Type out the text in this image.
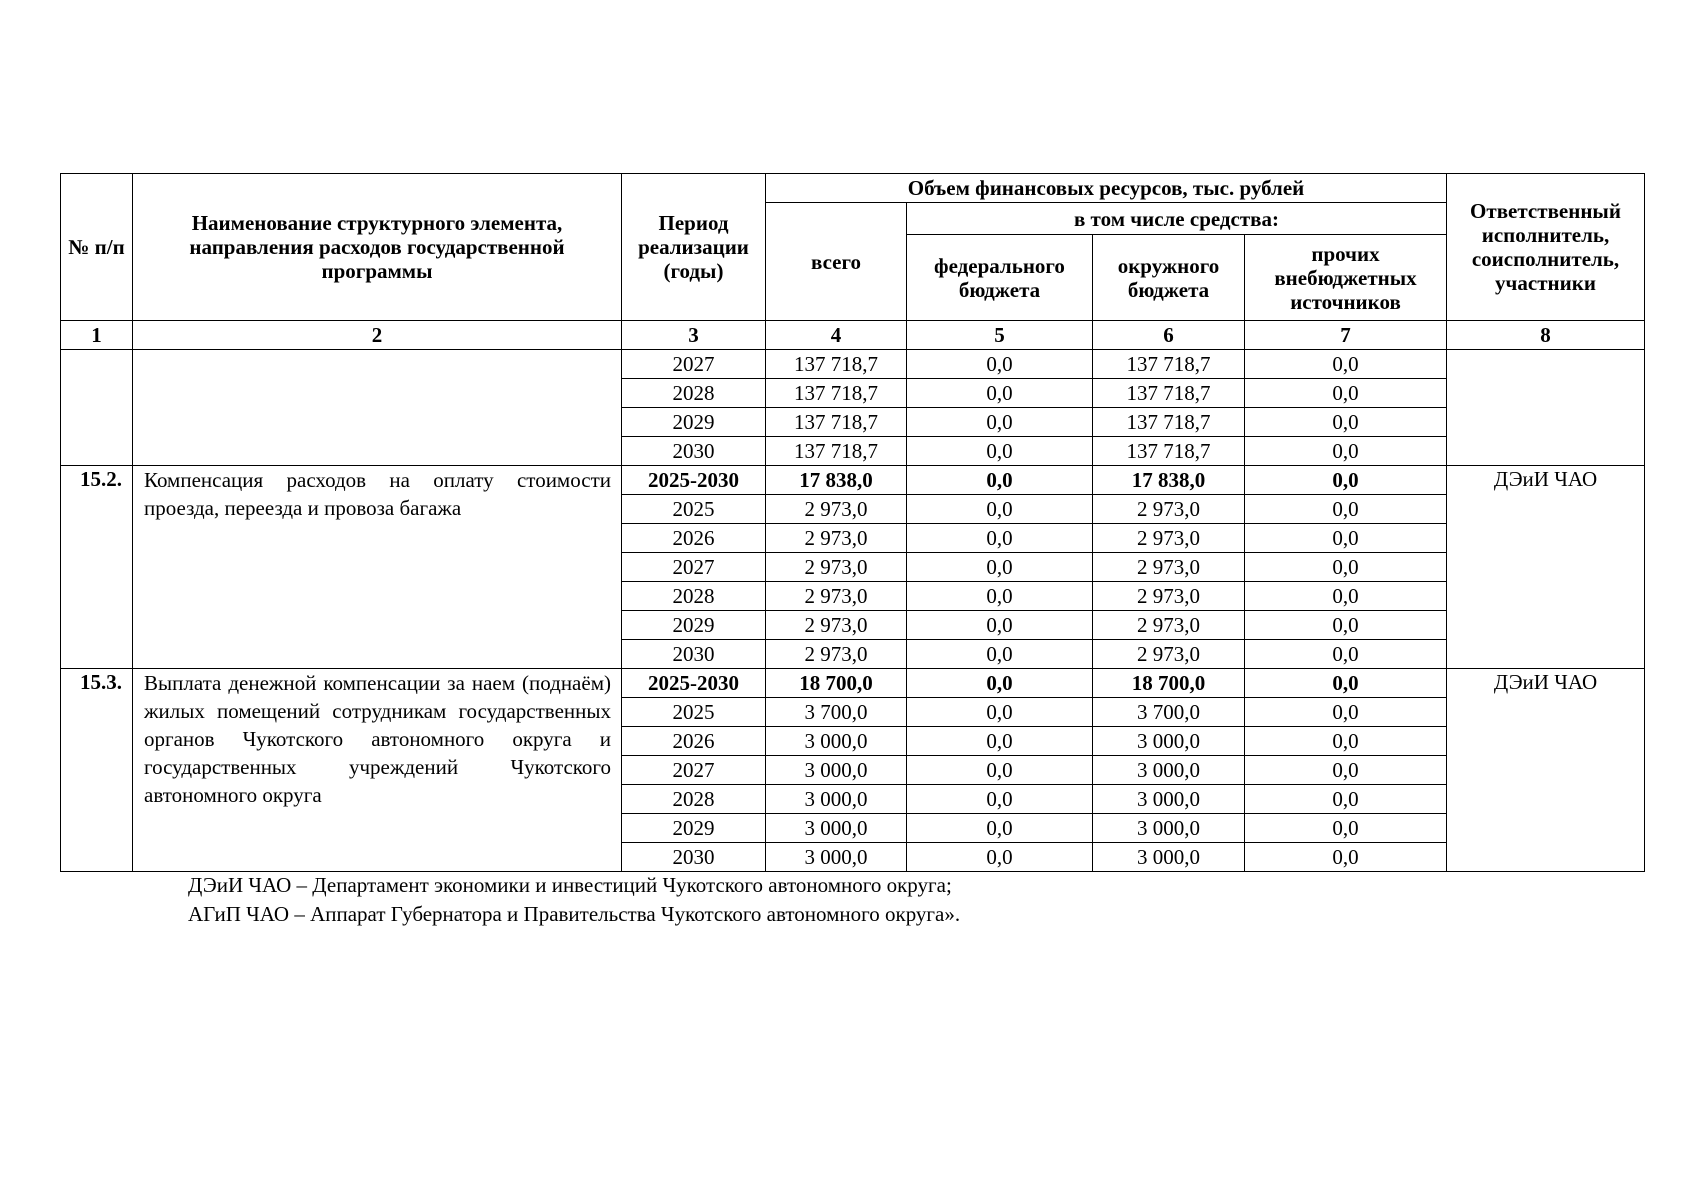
№ п/п	Наименование структурного элемента, направления расходов государственной программы	Период реализации (годы)	Объем финансовых ресурсов, тыс. рублей				Ответственный исполнитель, соисполнитель, участники
			всего	в том числе средства:			
				федерального бюджета	окружного бюджета	прочих внебюджетных источников	
1	2	3	4	5	6	7	8
		2027	137 718,7	0,0	137 718,7	0,0	
		2028	137 718,7	0,0	137 718,7	0,0	
		2029	137 718,7	0,0	137 718,7	0,0	
		2030	137 718,7	0,0	137 718,7	0,0	
15.2.	Компенсация расходов на оплату стоимости проезда, переезда и провоза багажа	2025-2030	17 838,0	0,0	17 838,0	0,0	ДЭиИ ЧАО
		2025	2 973,0	0,0	2 973,0	0,0	
		2026	2 973,0	0,0	2 973,0	0,0	
		2027	2 973,0	0,0	2 973,0	0,0	
		2028	2 973,0	0,0	2 973,0	0,0	
		2029	2 973,0	0,0	2 973,0	0,0	
		2030	2 973,0	0,0	2 973,0	0,0	
15.3.	Выплата денежной компенсации за наем (поднаём) жилых помещений сотрудникам государственных органов Чукотского автономного округа и государственных учреждений Чукотского автономного округа	2025-2030	18 700,0	0,0	18 700,0	0,0	ДЭиИ ЧАО
		2025	3 700,0	0,0	3 700,0	0,0	
		2026	3 000,0	0,0	3 000,0	0,0	
		2027	3 000,0	0,0	3 000,0	0,0	
		2028	3 000,0	0,0	3 000,0	0,0	
		2029	3 000,0	0,0	3 000,0	0,0	
		2030	3 000,0	0,0	3 000,0	0,0	
ДЭиИ ЧАО – Департамент экономики и инвестиций Чукотского автономного округа;
АГиП ЧАО – Аппарат Губернатора и Правительства Чукотского автономного округа».
